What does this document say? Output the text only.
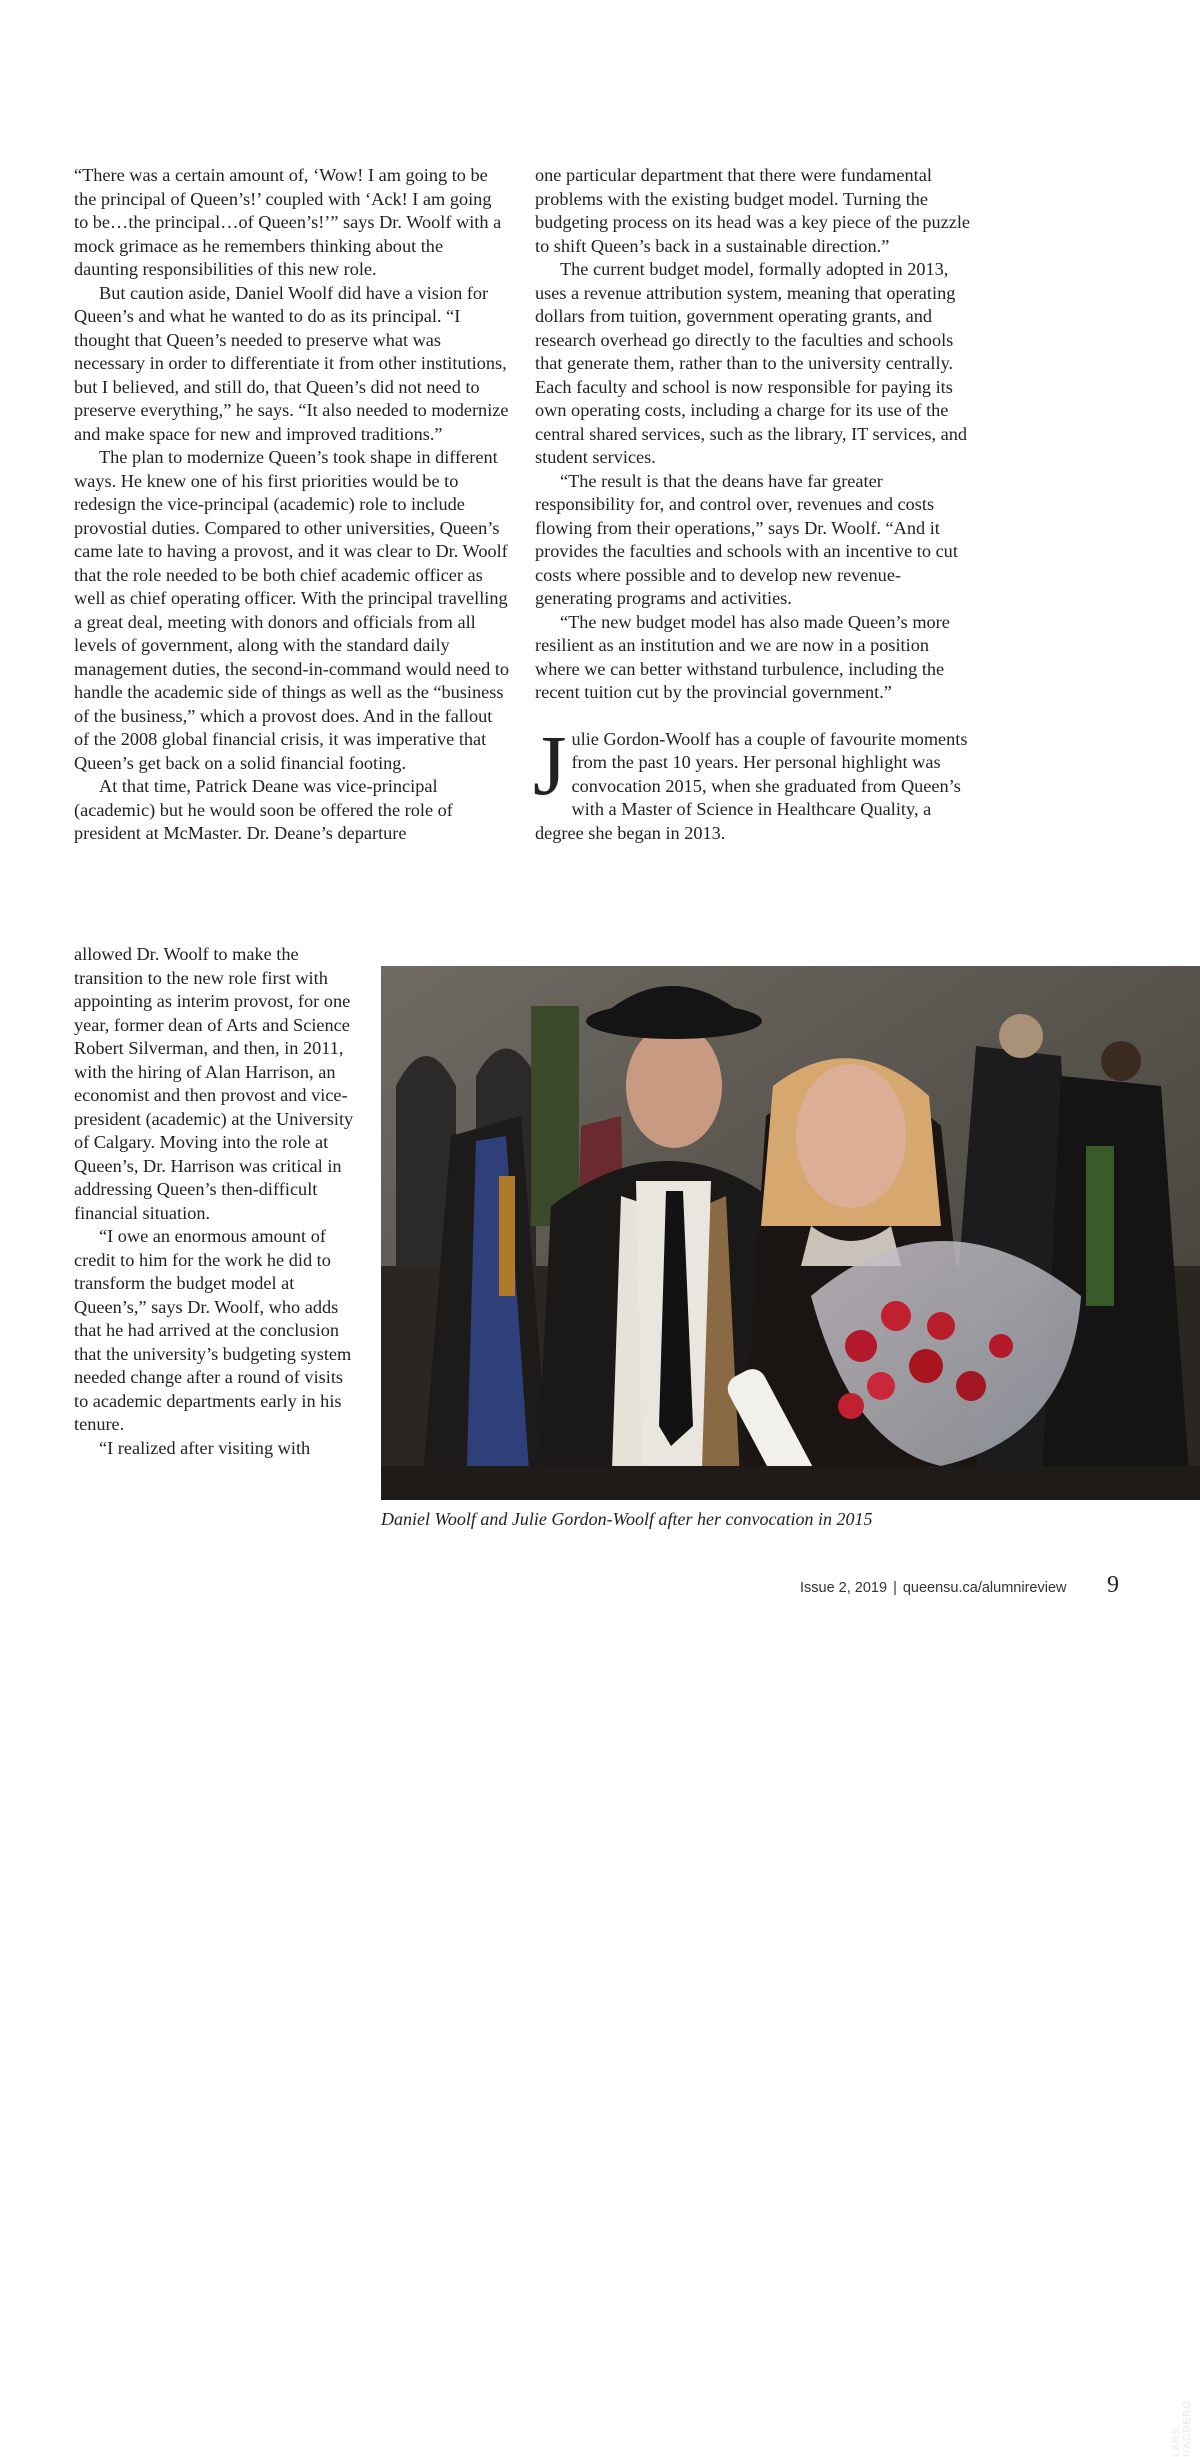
“There was a certain amount of, ‘Wow! I am going to be the principal of Queen’s!’ coupled with ‘Ack! I am going to be…the principal…of Queen’s!’” says Dr. Woolf with a mock grimace as he remembers thinking about the daunting responsibilities of this new role.

But caution aside, Daniel Woolf did have a vision for Queen’s and what he wanted to do as its principal. “I thought that Queen’s needed to preserve what was necessary in order to differentiate it from other institutions, but I believed, and still do, that Queen’s did not need to preserve everything,” he says. “It also needed to modernize and make space for new and improved traditions.”

The plan to modernize Queen’s took shape in different ways. He knew one of his first priorities would be to redesign the vice-principal (academic) role to include provostial duties. Compared to other universities, Queen’s came late to having a provost, and it was clear to Dr. Woolf that the role needed to be both chief academic officer as well as chief operating officer. With the principal travelling a great deal, meeting with donors and officials from all levels of government, along with the standard daily management duties, the second-in-command would need to handle the academic side of things as well as the “business of the business,” which a provost does. And in the fallout of the 2008 global financial crisis, it was imperative that Queen’s get back on a solid financial footing.

At that time, Patrick Deane was vice-principal (academic) but he would soon be offered the role of president at McMaster. Dr. Deane’s departure

allowed Dr. Woolf to make the transition to the new role first with appointing as interim provost, for one year, former dean of Arts and Science Robert Silverman, and then, in 2011, with the hiring of Alan Harrison, an economist and then provost and vice-president (academic) at the University of Calgary. Moving into the role at Queen’s, Dr. Harrison was critical in addressing Queen’s then-difficult financial situation.

“I owe an enormous amount of credit to him for the work he did to transform the budget model at Queen’s,” says Dr. Woolf, who adds that he had arrived at the conclusion that the university’s budgeting system needed change after a round of visits to academic departments early in his tenure.

“I realized after visiting with

one particular department that there were fundamental problems with the existing budget model. Turning the budgeting process on its head was a key piece of the puzzle to shift Queen’s back in a sustainable direction.”

The current budget model, formally adopted in 2013, uses a revenue attribution system, meaning that operating dollars from tuition, government operating grants, and research overhead go directly to the faculties and schools that generate them, rather than to the university centrally. Each faculty and school is now responsible for paying its own operating costs, including a charge for its use of the central shared services, such as the library, IT services, and student services.

“The result is that the deans have far greater responsibility for, and control over, revenues and costs flowing from their operations,” says Dr. Woolf. “And it provides the faculties and schools with an incentive to cut costs where possible and to develop new revenue-generating programs and activities.

“The new budget model has also made Queen’s more resilient as an institution and we are now in a position where we can better withstand turbulence, including the recent tuition cut by the provincial government.”

Julie Gordon-Woolf has a couple of favourite moments from the past 10 years. Her personal highlight was convocation 2015, when she graduated from Queen’s with a Master of Science in Healthcare Quality, a degree she began in 2013.

LARS HAGBERG
Daniel Woolf and Julie Gordon-Woolf after her convocation in 2015
Issue 2, 2019 | queensu.ca/alumnireview 9
